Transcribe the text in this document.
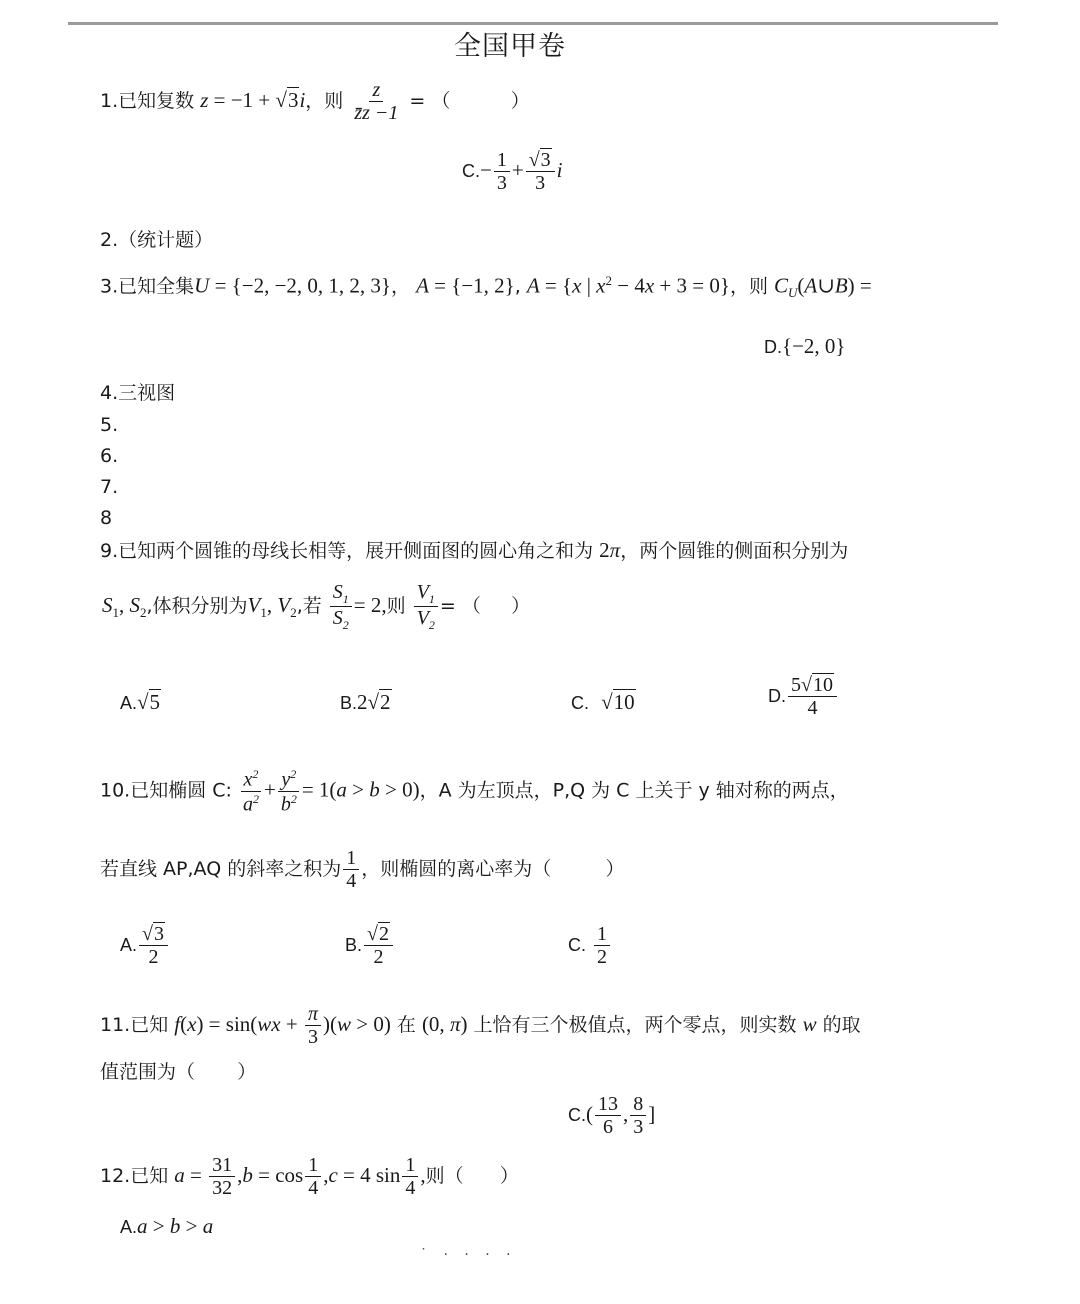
全国甲卷
1.已知复数 z = −1 + √3i，则 $\frac{z}{z̄z -1}$ = （          ）
$C.- \frac{1}{3} + \frac{√3}{3}$ i
2.（统计题）
3.已知全集U = {−2, −2, 0, 1, 2, 3}， A = {−1, 2}, A = {x | $x^2 - 4x + 3 = 0$}，则 $C_U(A\cup B)$ =
D.{−2, 0}
4.三视图
5.
6.
7.
8
9.已知两个圆锥的母线长相等，展开侧面图的圆心角之和为 2π，两个圆锥的侧面积分别为
$S_1$, $S_2$,体积分别为$V_1$, $V_2$,若 $\frac{S_1}{S_2} = 2$,则 $\frac{V_1}{V_2}$ = （     ）
A.√5	B.2√2	C. √10	D. $\frac{5√10}{4}$
10.已知椭圆 C: $\frac{x^2}{a^2} + \frac{y^2}{b^2} = 1(a > b > 0)$，A 为左顶点，P,Q 为 C 上关于 y 轴对称的两点，
若直线 AP,AQ 的斜率之积为 $\frac{1}{4}$ ，则椭圆的离心率为（         ）
A. $\frac{√3}{2}$	B. $\frac{√2}{2}$	C. $\frac{1}{2}$
11.已知 $f(x) = \sin(wx + \frac{\pi}{3} )(w > 0)$ 在 (0, π) 上恰有三个极值点，两个零点，则实数 w 的取
值范围为（       ）
$C.( \frac{13}{6}$ , $\frac{8}{3}$ ]
12.已知 $a = \frac{31}{32} ,b = \cos \frac{1}{4} ,c = 4$ $\sin \frac{1}{4}$ ,则（      ）
A.a > b > a
˙ · · · ·
